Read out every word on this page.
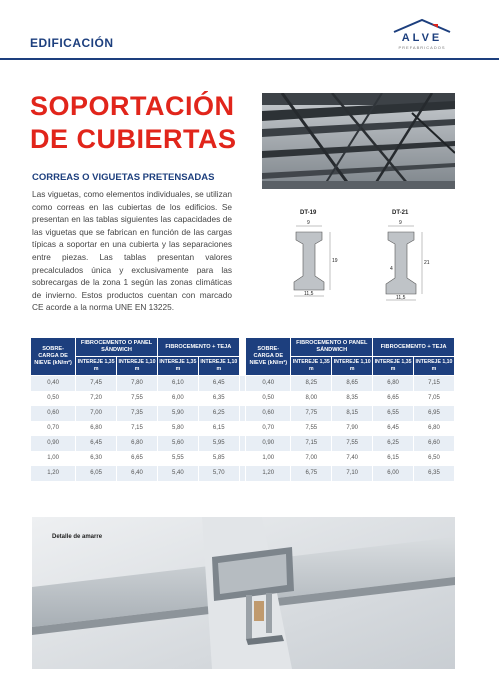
EDIFICACIÓN	ALVE
PREFABRICADOS
SOPORTACIÓN
DE CUBIERTAS
CORREAS O VIGUETAS PRETENSADAS
Las viguetas, como elementos individuales, se utilizan como correas en las cubiertas de los edificios. Se presentan en las tablas siguientes las capacidades de las viguetas que se fabrican en función de las cargas típicas a soportar en una cubierta y las separaciones entre piezas. Las tablas presentan valores precalculados única y exclusivamente para las sobrecargas de la zona 1 según las zonas climáticas de invierno. Estos productos cuentan con marcado CE acorde a la norma UNE EN 13225.
DT-19	DT-21
9
19
11,5
9
21
4
11,5
SOBRE-CARGA DE NIEVE (kN/m²)	FIBROCEMENTO O PANEL SÁNDWICH		FIBROCEMENTO + TEJA			SOBRE-CARGA DE NIEVE (kN/m²)	FIBROCEMENTO O PANEL SÁNDWICH		FIBROCEMENTO + TEJA	
	INTEREJE 1,35 m	INTEREJE 1,10 m	INTEREJE 1,35 m	INTEREJE 1,10 m			INTEREJE 1,35 m	INTEREJE 1,10 m	INTEREJE 1,35 m	INTEREJE 1,10 m
0,40	7,45	7,80	6,10	6,45		0,40	8,25	8,65	6,80	7,15
0,50	7,20	7,55	6,00	6,35		0,50	8,00	8,35	6,65	7,05
0,60	7,00	7,35	5,90	6,25		0,60	7,75	8,15	6,55	6,95
0,70	6,80	7,15	5,80	6,15		0,70	7,55	7,90	6,45	6,80
0,90	6,45	6,80	5,60	5,95		0,90	7,15	7,55	6,25	6,60
1,00	6,30	6,65	5,55	5,85		1,00	7,00	7,40	6,15	6,50
1,20	6,05	6,40	5,40	5,70		1,20	6,75	7,10	6,00	6,35
Detalle de amarre
